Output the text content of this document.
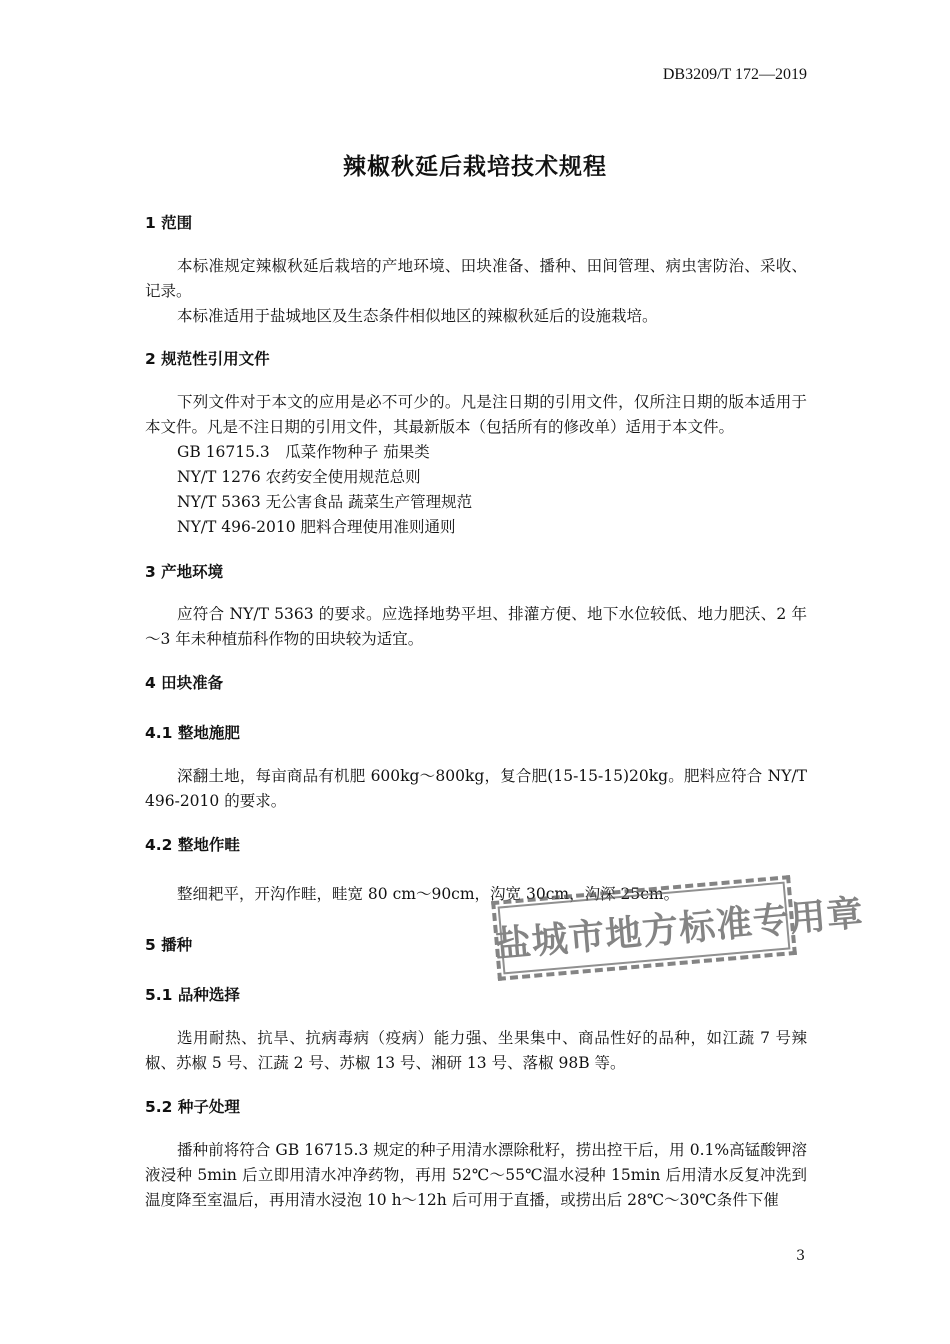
DB3209/T 172—2019
辣椒秋延后栽培技术规程
1 范围
本标准规定辣椒秋延后栽培的产地环境、田块准备、播种、田间管理、病虫害防治、采收、记录。
本标准适用于盐城地区及生态条件相似地区的辣椒秋延后的设施栽培。
2 规范性引用文件
下列文件对于本文的应用是必不可少的。凡是注日期的引用文件，仅所注日期的版本适用于本文件。凡是不注日期的引用文件，其最新版本（包括所有的修改单）适用于本文件。
GB 16715.3　瓜菜作物种子 茄果类
NY/T 1276 农药安全使用规范总则
NY/T 5363 无公害食品 蔬菜生产管理规范
NY/T 496-2010 肥料合理使用准则通则
3 产地环境
应符合 NY/T 5363 的要求。应选择地势平坦、排灌方便、地下水位较低、地力肥沃、2 年～3 年未种植茄科作物的田块较为适宜。
4 田块准备
4.1 整地施肥
深翻土地，每亩商品有机肥 600kg～800kg，复合肥(15-15-15)20kg。肥料应符合 NY/T 496-2010 的要求。
4.2 整地作畦
整细耙平，开沟作畦，畦宽 80 cm～90cm，沟宽 30cm，沟深 25cm。
5 播种
5.1 品种选择
选用耐热、抗旱、抗病毒病（疫病）能力强、坐果集中、商品性好的品种，如江蔬 7 号辣椒、苏椒 5 号、江蔬 2 号、苏椒 13 号、湘研 13 号、落椒 98B 等。
5.2 种子处理
播种前将符合 GB 16715.3 规定的种子用清水漂除秕籽，捞出控干后，用 0.1%高锰酸钾溶液浸种 5min 后立即用清水冲净药物，再用 52℃～55℃温水浸种 15min 后用清水反复冲洗到温度降至室温后，再用清水浸泡 10 h～12h 后可用于直播，或捞出后 28℃～30℃条件下催
盐城市地方标准专用章
3
